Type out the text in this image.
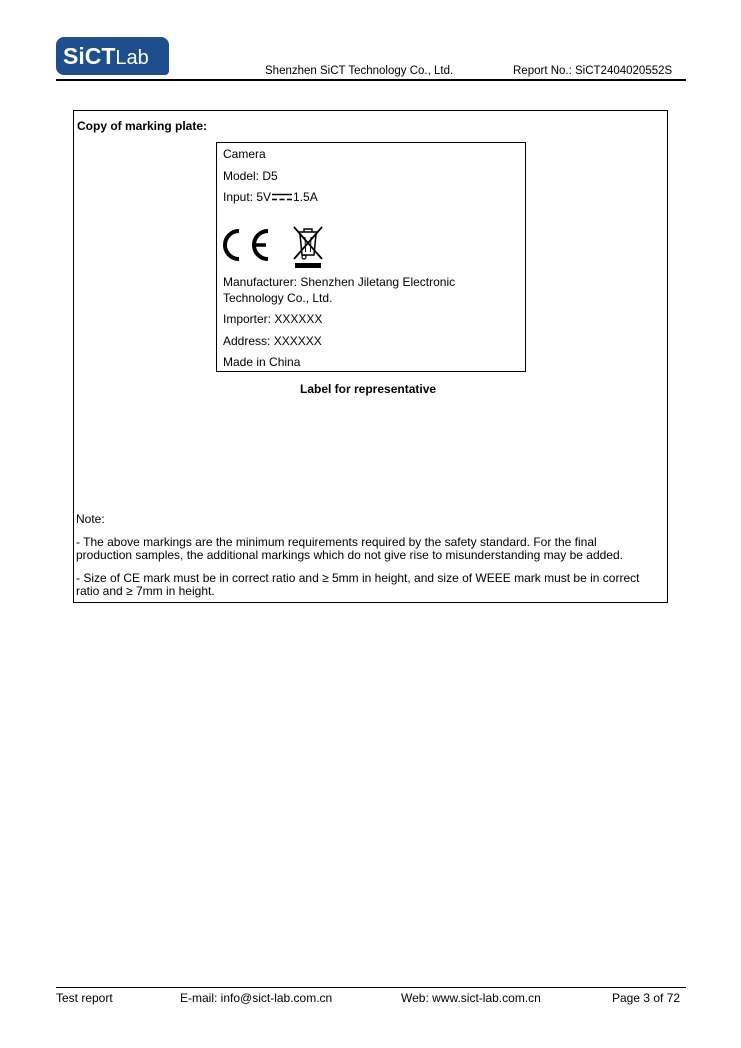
SiCTLab
Shenzhen SiCT Technology Co., Ltd.	Report No.: SiCT2404020552S
Copy of marking plate:
Camera
Model: D5
Input: 5V 1.5A
Manufacturer: Shenzhen Jiletang Electronic
Technology Co., Ltd.
Importer: XXXXXX
Address: XXXXXX
Made in China
Label for representative
Note:
- The above markings are the minimum requirements required by the safety standard. For the final
production samples, the additional markings which do not give rise to misunderstanding may be added.
- Size of CE mark must be in correct ratio and ≥ 5mm in height, and size of WEEE mark must be in correct
ratio and ≥ 7mm in height.
Test report	E-mail: info@sict-lab.com.cn	Web: www.sict-lab.com.cn	Page 3 of 72
